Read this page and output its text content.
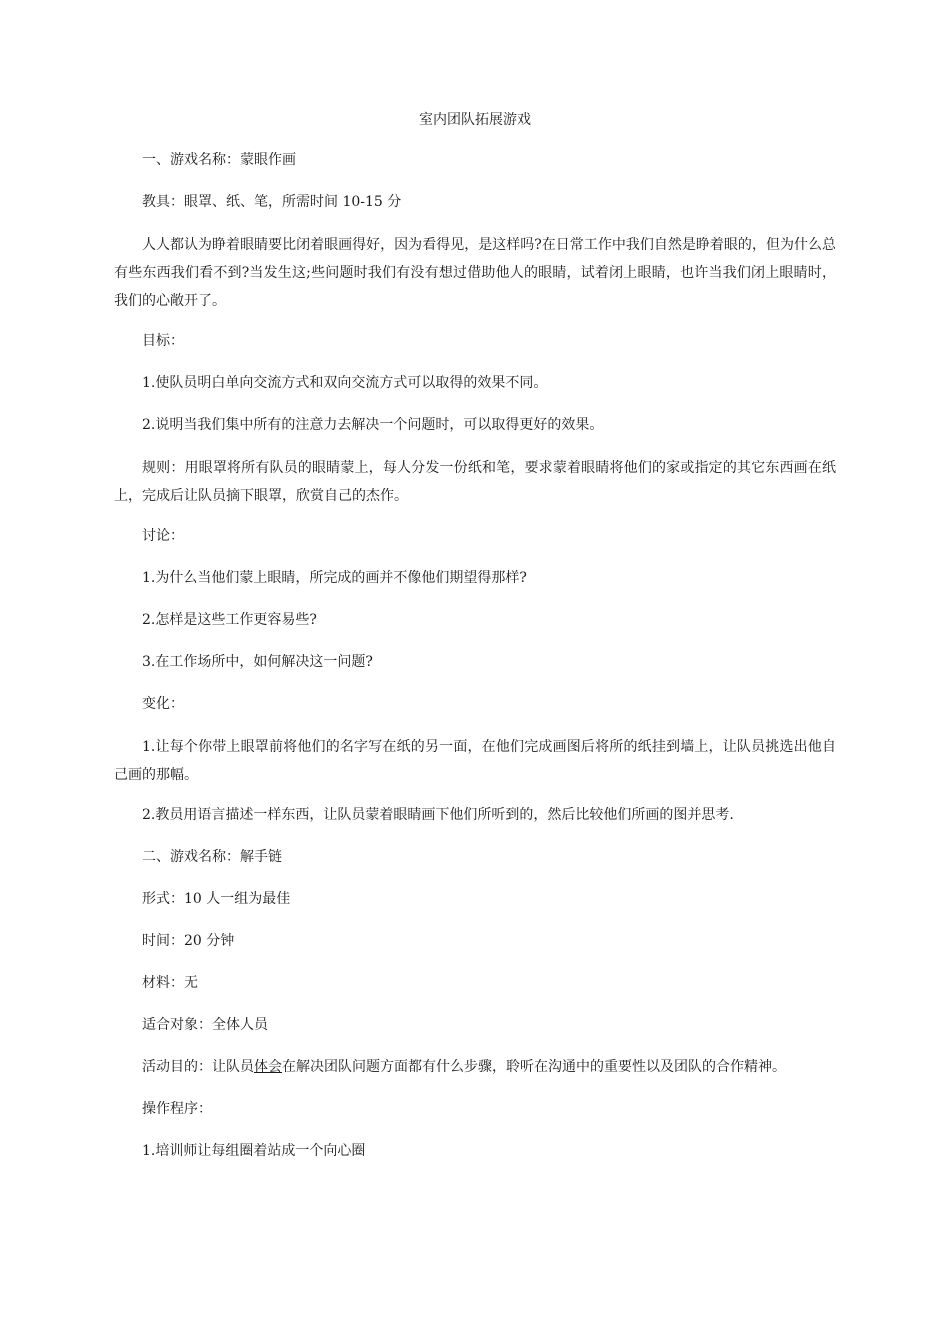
室内团队拓展游戏

一、游戏名称：蒙眼作画

教具：眼罩、纸、笔，所需时间 10-15 分

人人都认为睁着眼睛要比闭着眼画得好，因为看得见，是这样吗?在日常工作中我们自然是睁着眼的，但为什么总有些东西我们看不到?当发生这;些问题时我们有没有想过借助他人的眼睛，试着闭上眼睛，也许当我们闭上眼睛时，我们的心敞开了。

目标：

1.使队员明白单向交流方式和双向交流方式可以取得的效果不同。

2.说明当我们集中所有的注意力去解决一个问题时，可以取得更好的效果。

规则：用眼罩将所有队员的眼睛蒙上，每人分发一份纸和笔，要求蒙着眼睛将他们的家或指定的其它东西画在纸上，完成后让队员摘下眼罩，欣赏自己的杰作。

讨论：

1.为什么当他们蒙上眼睛，所完成的画并不像他们期望得那样?

2.怎样是这些工作更容易些?

3.在工作场所中，如何解决这一问题?

变化：

1.让每个你带上眼罩前将他们的名字写在纸的另一面，在他们完成画图后将所的纸挂到墙上，让队员挑选出他自己画的那幅。

2.教员用语言描述一样东西，让队员蒙着眼睛画下他们所听到的，然后比较他们所画的图并思考.

二、游戏名称：解手链

形式：10 人一组为最佳

时间：20 分钟

材料：无

适合对象：全体人员

活动目的：让队员体会在解决团队问题方面都有什么步骤，聆听在沟通中的重要性以及团队的合作精神。

操作程序：

1.培训师让每组圈着站成一个向心圈
